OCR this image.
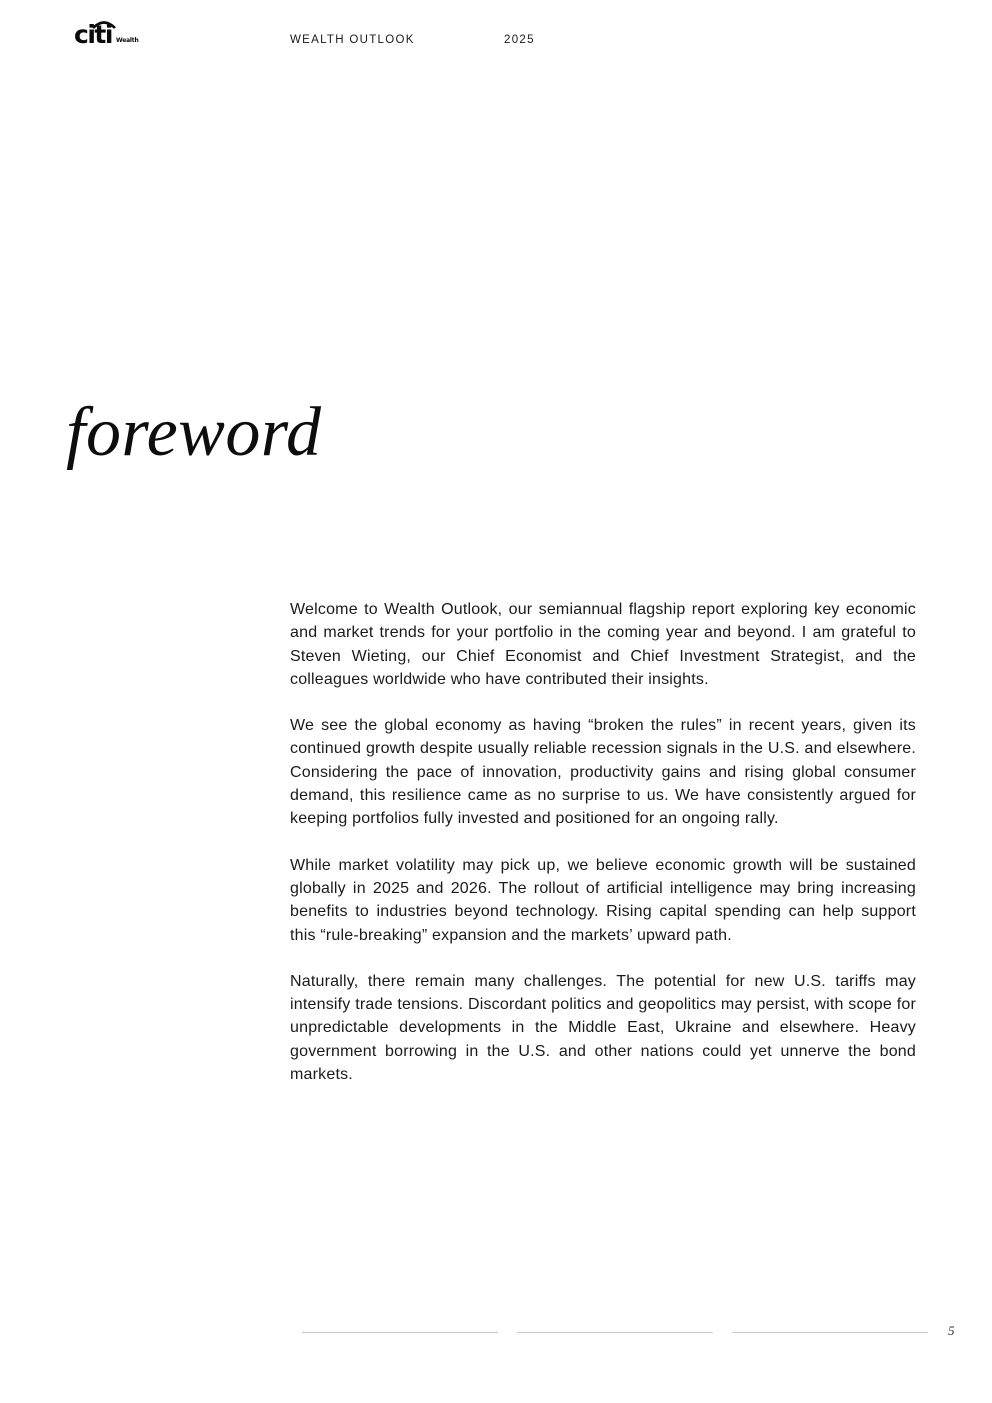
citi Wealth	WEALTH OUTLOOK	2025
foreword

Welcome to Wealth Outlook, our semiannual flagship report exploring key economic and market trends for your portfolio in the coming year and beyond. I am grateful to Steven Wieting, our Chief Economist and Chief Investment Strategist, and the colleagues worldwide who have contributed their insights.

We see the global economy as having “broken the rules” in recent years, given its continued growth despite usually reliable recession signals in the U.S. and elsewhere. Considering the pace of innovation, productivity gains and rising global consumer demand, this resilience came as no surprise to us. We have consistently argued for keeping portfolios fully invested and positioned for an ongoing rally.

While market volatility may pick up, we believe economic growth will be sustained globally in 2025 and 2026. The rollout of artificial intelligence may bring increasing benefits to industries beyond technology. Rising capital spending can help support this “rule-breaking” expansion and the markets’ upward path.

Naturally, there remain many challenges. The potential for new U.S. tariffs may intensify trade tensions. Discordant politics and geopolitics may persist, with scope for unpredictable developments in the Middle East, Ukraine and elsewhere. Heavy government borrowing in the U.S. and other nations could yet unnerve the bond markets.

5
